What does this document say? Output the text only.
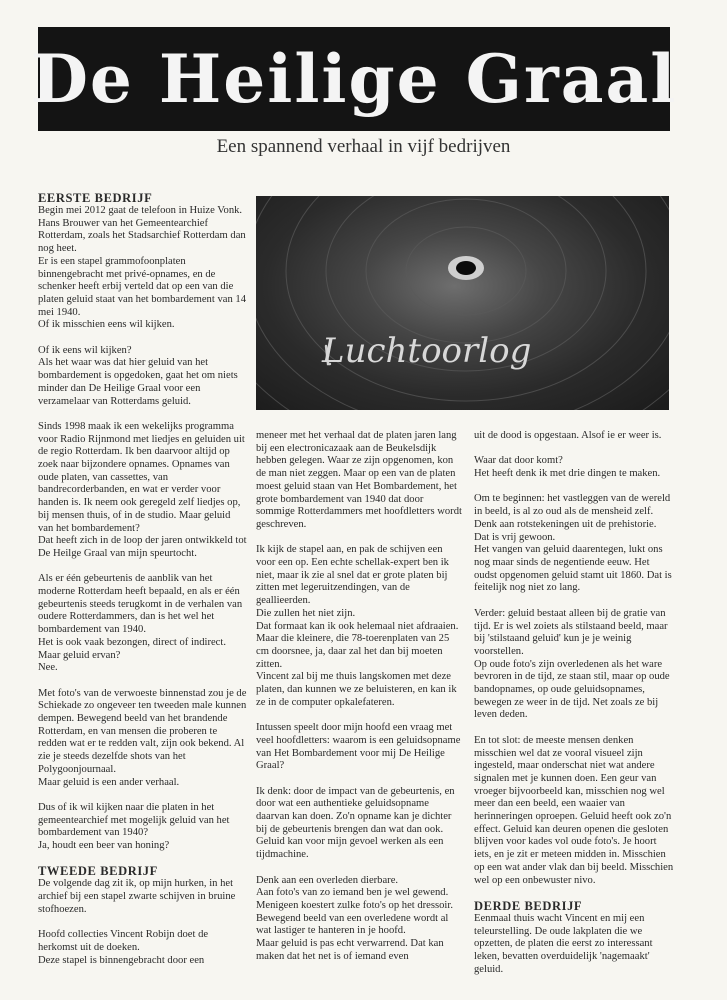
De Heilige Graal
Een spannend verhaal in vijf bedrijven
Luchtoorlog
EERSTE BEDRIJF

Begin mei 2012 gaat de telefoon in Huize Vonk.

Hans Brouwer van het Gemeentearchief Rotterdam, zoals het Stadsarchief Rotterdam dan nog heet.

Er is een stapel grammofoonplaten binnengebracht met privé-opnames, en de schenker heeft erbij verteld dat op een van die platen geluid staat van het bombardement van 14 mei 1940.

Of ik misschien eens wil kijken.

Of ik eens wil kijken?

Als het waar was dat hier geluid van het bombardement is opgedoken, gaat het om niets minder dan De Heilige Graal voor een verzamelaar van Rotterdams geluid.

Sinds 1998 maak ik een wekelijks programma voor Radio Rijnmond met liedjes en geluiden uit de regio Rotterdam. Ik ben daarvoor altijd op zoek naar bijzondere opnames. Opnames van oude platen, van cassettes, van bandrecorderbanden, en wat er verder voor handen is. Ik neem ook geregeld zelf liedjes op, bij mensen thuis, of in de studio. Maar geluid van het bombardement?

Dat heeft zich in de loop der jaren ontwikkeld tot De Heilge Graal van mijn speurtocht.

Als er één gebeurtenis de aanblik van het moderne Rotterdam heeft bepaald, en als er één gebeurtenis steeds terugkomt in de verhalen van oudere Rotterdammers, dan is het wel het bombardement van 1940.

Het is ook vaak bezongen, direct of indirect.

Maar geluid ervan?

Nee.

Met foto's van de verwoeste binnenstad zou je de Schiekade zo ongeveer ten tweeden male kunnen dempen. Bewegend beeld van het brandende Rotterdam, en van mensen die proberen te redden wat er te redden valt, zijn ook bekend. Al zie je steeds dezelfde shots van het Polygoonjournaal.

Maar geluid is een ander verhaal.

Dus of ik wil kijken naar die platen in het gemeentearchief met mogelijk geluid van het bombardement van 1940?

Ja, houdt een beer van honing?

TWEEDE BEDRIJF

De volgende dag zit ik, op mijn hurken, in het archief bij een stapel zwarte schijven in bruine stofhoezen.

Hoofd collecties Vincent Robijn doet de herkomst uit de doeken.

Deze stapel is binnengebracht door een

meneer met het verhaal dat de platen jaren lang bij een electronicazaak aan de Beukelsdijk hebben gelegen. Waar ze zijn opgenomen, kon de man niet zeggen. Maar op een van de platen moest geluid staan van Het Bombardement, het grote bombardement van 1940 dat door sommige Rotterdammers met hoofdletters wordt geschreven.

Ik kijk de stapel aan, en pak de schijven een voor een op. Een echte schellak-expert ben ik niet, maar ik zie al snel dat er grote platen bij zitten met legeruitzendingen, van de geallieerden.

Die zullen het niet zijn.

Dat formaat kan ik ook helemaal niet afdraaien.

Maar die kleinere, die 78-toerenplaten van 25 cm doorsnee, ja, daar zal het dan bij moeten zitten.

Vincent zal bij me thuis langskomen met deze platen, dan kunnen we ze beluisteren, en kan ik ze in de computer opkalefateren.

Intussen speelt door mijn hoofd een vraag met veel hoofdletters: waarom is een geluidsopname van Het Bombardement voor mij De Heilige Graal?

Ik denk: door de impact van de gebeurtenis, en door wat een authentieke geluidsopname daarvan kan doen. Zo'n opname kan je dichter bij de gebeurtenis brengen dan wat dan ook.

Geluid kan voor mijn gevoel werken als een tijdmachine.

Denk aan een overleden dierbare.

Aan foto's van zo iemand ben je wel gewend. Menigeen koestert zulke foto's op het dressoir.

Bewegend beeld van een overledene wordt al wat lastiger te hanteren in je hoofd.

Maar geluid is pas echt verwarrend. Dat kan maken dat het net is of iemand even

uit de dood is opgestaan. Alsof ie er weer is.

Waar dat door komt?

Het heeft denk ik met drie dingen te maken.

Om te beginnen: het vastleggen van de wereld in beeld, is al zo oud als de mensheid zelf. Denk aan rotstekeningen uit de prehistorie. Dat is vrij gewoon.

Het vangen van geluid daarentegen, lukt ons nog maar sinds de negentiende eeuw. Het oudst opgenomen geluid stamt uit 1860. Dat is feitelijk nog niet zo lang.

Verder: geluid bestaat alleen bij de gratie van tijd. Er is wel zoiets als stilstaand beeld, maar bij 'stilstaand geluid' kun je je weinig voorstellen.

Op oude foto's zijn overledenen als het ware bevroren in de tijd, ze staan stil, maar op oude bandopnames, op oude geluidsopnames, bewegen ze weer in de tijd. Net zoals ze bij leven deden.

En tot slot: de meeste mensen denken misschien wel dat ze vooral visueel zijn ingesteld, maar onderschat niet wat andere signalen met je kunnen doen. Een geur van vroeger bijvoorbeeld kan, misschien nog wel meer dan een beeld, een waaier van herinneringen oproepen. Geluid heeft ook zo'n effect. Geluid kan deuren openen die gesloten blijven voor kades vol oude foto's. Je hoort iets, en je zit er meteen midden in. Misschien op een wat ander vlak dan bij beeld. Misschien wel op een onbewuster nivo.

DERDE BEDRIJF

Eenmaal thuis wacht Vincent en mij een teleurstelling. De oude lakplaten die we opzetten, de platen die eerst zo interessant leken, bevatten overduidelijk 'nagemaakt' geluid.
